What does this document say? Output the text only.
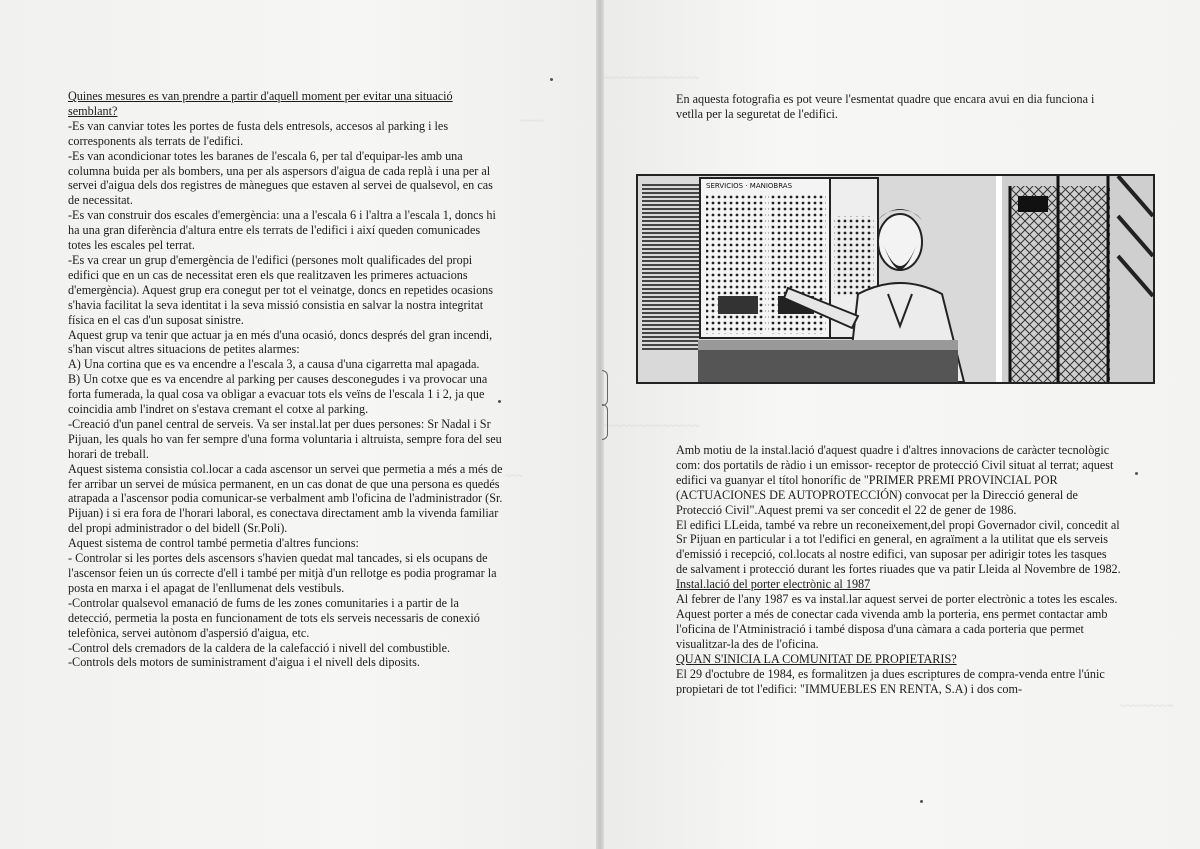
~~~~
~~~

Quines mesures es van prendre a partir d'aquell moment per evitar una situació semblant?

-Es van canviar totes les portes de fusta dels entresols, accesos al parking i les corresponents als terrats de l'edifici.

-Es van acondicionar totes les baranes de l'escala 6, per tal d'equipar-les amb una columna buida per als bombers, una per als aspersors d'aigua de cada replà i una per al servei d'aigua dels dos registres de mànegues que estaven al servei de qualsevol, en cas de necessitat.

-Es van construir dos escales d'emergència: una a l'escala 6 i l'altra a l'escala 1, doncs hi ha una gran diferència d'altura entre els terrats de l'edifici i així queden comunicades totes les escales pel terrat.

-Es va crear un grup d'emergència de l'edifici (persones molt qualificades del propi edifici que en un cas de necessitat eren els que realitzaven les primeres actuacions d'emergència). Aquest grup era conegut per tot el veinatge, doncs en repetides ocasions s'havia facilitat la seva identitat i la seva missió consistia en salvar la nostra integritat física en el cas d'un suposat sinistre.

Aquest grup va tenir que actuar ja en més d'una ocasió, doncs després del gran incendi, s'han viscut altres situacions de petites alarmes:

A) Una cortina que es va encendre a l'escala 3, a causa d'una cigarretta mal apagada.

B) Un cotxe que es va encendre al parking per causes desconegudes i va provocar una forta fumerada, la qual cosa va obligar a evacuar tots els veïns de l'escala 1 i 2, ja que coincidia amb l'indret on s'estava cremant el cotxe al parking.

-Creació d'un panel central de serveis. Va ser instal.lat per dues persones: Sr Nadal i Sr Pijuan, les quals ho van fer sempre d'una forma voluntaria i altruista, sempre fora del seu horari de treball.

Aquest sistema consistia col.locar a cada ascensor un servei que permetia a més a més de fer arribar un servei de música permanent, en un cas donat de que una persona es quedés atrapada a l'ascensor podia comunicar-se verbalment amb l'oficina de l'administrador (Sr. Pijuan) i si era fora de l'horari laboral, es conectava directament amb la vivenda familiar del propi administrador o del bidell (Sr.Poli).

Aquest sistema de control també permetia d'altres funcions:

- Controlar si les portes dels ascensors s'havien quedat mal tancades, si els ocupans de l'ascensor feien un ús correcte d'ell i també per mitjà d'un rellotge es podia programar la posta en marxa i el apagat de l'enllumenat dels vestibuls.

-Controlar qualsevol emanació de fums de les zones comunitaries i a partir de la detecció, permetia la posta en funcionament de tots els serveis necessaris de conexió telefònica, servei autònom d'aspersió d'aigua, etc.

-Control dels cremadors de la caldera de la calefacció i nivell del combustible.

-Controls dels motors de suministrament d'aigua i el nivell dels diposits.

~~~~~~~~~~~~~~~~
~~~~~~~~~~~~~~~~
~~~~~~~~~

En aquesta fotografia es pot veure l'esmentat quadre que encara avui en dia funciona i vetlla per la seguretat de l'edifici.

SERVICIOS · MANIOBRAS

Amb motiu de la instal.lació d'aquest quadre i d'altres innovacions de caràcter tecnològic com: dos portatils de ràdio i un emissor- receptor de protecció Civil situat al terrat; aquest edifici va guanyar el títol honorífic de "PRIMER PREMI PROVINCIAL POR (ACTUACIONES DE AUTOPROTECCIÓN) convocat per la Direcció general de Protecció Civil".Aquest premi va ser concedit el 22 de gener de 1986.

El edifici LLeida, també va rebre un reconeixement,del propi Governador civil, concedit al Sr Pijuan en particular i a tot l'edifici en general, en agraïment a la utilitat que els serveis d'emissió i recepció, col.locats al nostre edifici, van suposar per adirigir totes les tasques de salvament i protecció durant les fortes riuades que va patir Lleida al Novembre de 1982.

Instal.lació del porter electrònic al 1987

Al febrer de l'any 1987 es va instal.lar aquest servei de porter electrònic a totes les escales.

Aquest porter a més de conectar cada vivenda amb la porteria, ens permet contactar amb l'oficina de l'Atministració i també disposa d'una càmara a cada porteria que permet visualitzar-la des de l'oficina.

QUAN S'INICIA LA COMUNITAT DE PROPIETARIS?

El 29 d'octubre de 1984, es formalitzen ja dues escriptures de compra-venda entre l'únic propietari de tot l'edifici: "IMMUEBLES EN RENTA, S.A) i dos com-
